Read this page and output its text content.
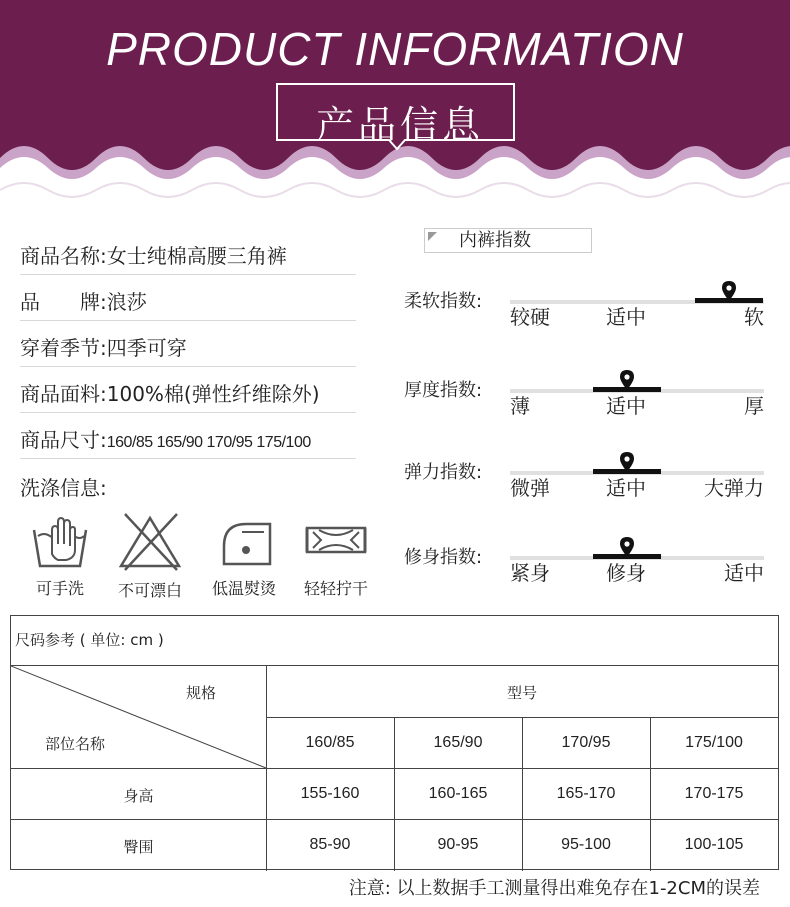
PRODUCT INFORMATION
产品信息
商品名称:女士纯棉高腰三角裤
品　　牌:浪莎
穿着季节:四季可穿
商品面料:100%棉(弹性纤维除外)
商品尺寸:160/85 165/90 170/95 175/100
洗涤信息:
可手洗	不可漂白	低温熨烫	轻轻拧干
内裤指数
柔软指数:
较硬	适中	软
厚度指数:
薄	适中	厚
弹力指数:
微弹	适中	大弹力
修身指数:
紧身	修身	适中
尺码参考 ( 单位: cm )
规格
部位名称
型号
160/85	165/90	170/95	175/100
身高	155-160	160-165	165-170	170-175
臀围	85-90	90-95	95-100	100-105
注意: 以上数据手工测量得出难免存在1-2CM的误差
